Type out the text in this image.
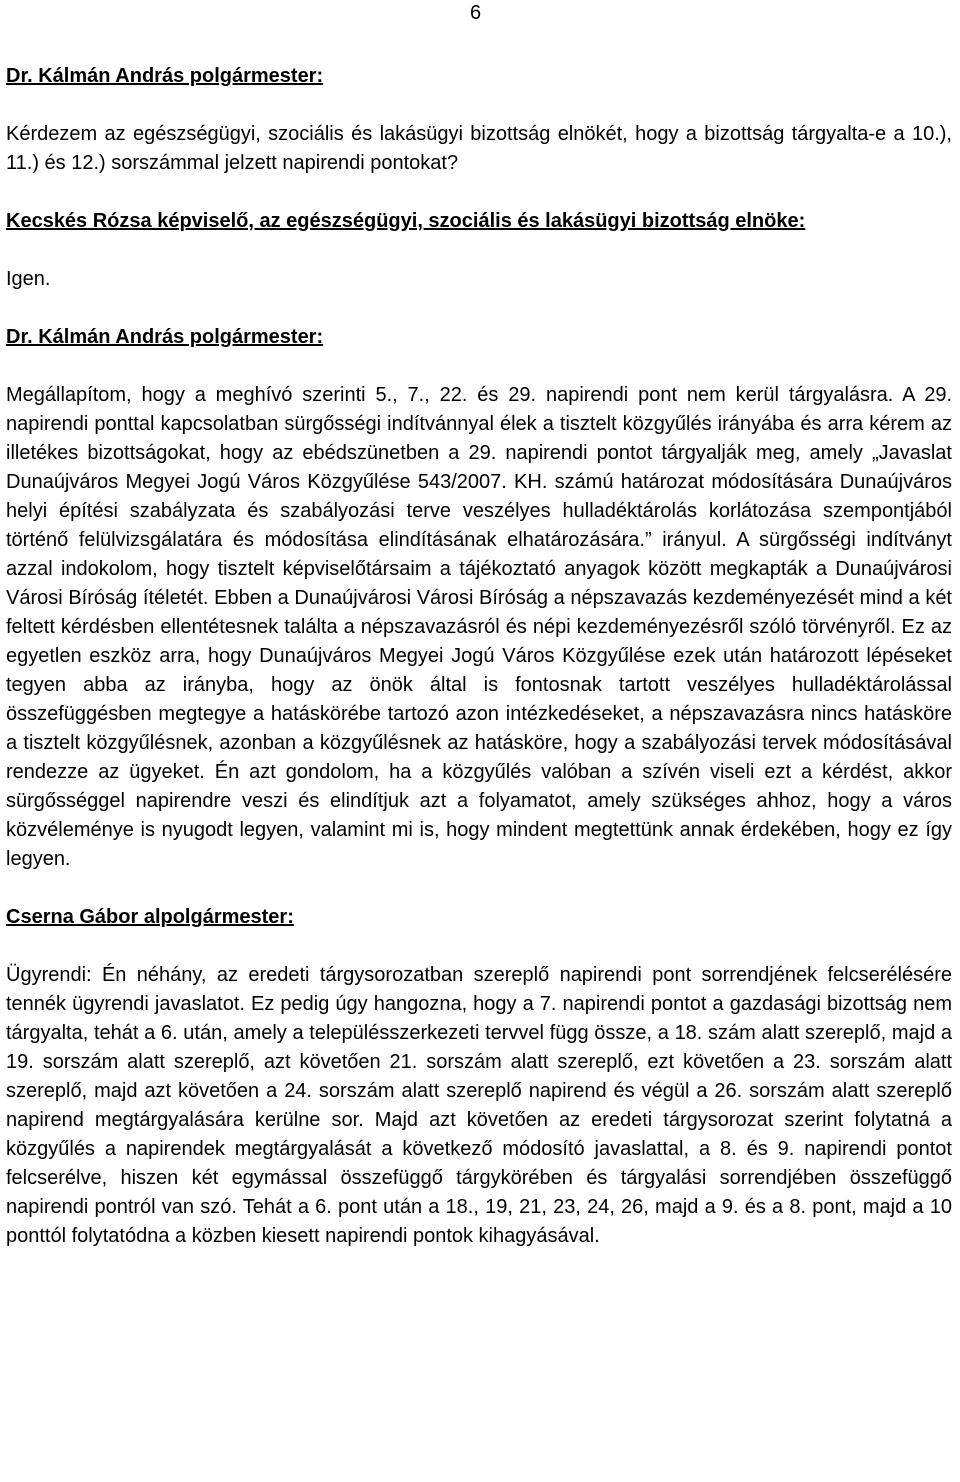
6

Dr. Kálmán András polgármester:

Kérdezem az egészségügyi, szociális és lakásügyi bizottság elnökét, hogy a bizottság tárgyalta-e a 10.), 11.) és 12.) sorszámmal jelzett napirendi pontokat?

Kecskés Rózsa képviselő, az egészségügyi, szociális és lakásügyi bizottság elnöke:

Igen.

Dr. Kálmán András polgármester:

Megállapítom, hogy a meghívó szerinti 5., 7., 22. és 29. napirendi pont nem kerül tárgyalásra. A 29. napirendi ponttal kapcsolatban sürgősségi indítvánnyal élek a tisztelt közgyűlés irányába és arra kérem az illetékes bizottságokat, hogy az ebédszünetben a 29. napirendi pontot tárgyalják meg, amely „Javaslat Dunaújváros Megyei Jogú Város Közgyűlése 543/2007. KH. számú határozat módosítására Dunaújváros helyi építési szabályzata és szabályozási terve veszélyes hulladéktárolás korlátozása szempontjából történő felülvizsgálatára és módosítása elindításának elhatározására.” irányul. A sürgősségi indítványt azzal indokolom, hogy tisztelt képviselőtársaim a tájékoztató anyagok között megkapták a Dunaújvárosi Városi Bíróság ítéletét. Ebben a Dunaújvárosi Városi Bíróság a népszavazás kezdeményezését mind a két feltett kérdésben ellentétesnek találta a népszavazásról és népi kezdeményezésről szóló törvényről. Ez az egyetlen eszköz arra, hogy Dunaújváros Megyei Jogú Város Közgyűlése ezek után határozott lépéseket tegyen abba az irányba, hogy az önök által is fontosnak tartott veszélyes hulladéktárolással összefüggésben megtegye a hatáskörébe tartozó azon intézkedéseket, a népszavazásra nincs hatásköre a tisztelt közgyűlésnek, azonban a közgyűlésnek az hatásköre, hogy a szabályozási tervek módosításával rendezze az ügyeket. Én azt gondolom, ha a közgyűlés valóban a szívén viseli ezt a kérdést, akkor sürgősséggel napirendre veszi és elindítjuk azt a folyamatot, amely szükséges ahhoz, hogy a város közvéleménye is nyugodt legyen, valamint mi is, hogy mindent megtettünk annak érdekében, hogy ez így legyen.

Cserna Gábor alpolgármester:

Ügyrendi: Én néhány, az eredeti tárgysorozatban szereplő napirendi pont sorrendjének felcserélésére tennék ügyrendi javaslatot. Ez pedig úgy hangozna, hogy a 7. napirendi pontot a gazdasági bizottság nem tárgyalta, tehát a 6. után, amely a településszerkezeti tervvel függ össze, a 18. szám alatt szereplő, majd a 19. sorszám alatt szereplő, azt követően 21. sorszám alatt szereplő, ezt követően a 23. sorszám alatt szereplő, majd azt követően a 24. sorszám alatt szereplő napirend és végül a 26. sorszám alatt szereplő napirend megtárgyalására kerülne sor. Majd azt követően az eredeti tárgysorozat szerint folytatná a közgyűlés a napirendek megtárgyalását a következő módosító javaslattal, a 8. és 9. napirendi pontot felcserélve, hiszen két egymással összefüggő tárgykörében és tárgyalási sorrendjében összefüggő napirendi pontról van szó. Tehát a 6. pont után a 18., 19, 21, 23, 24, 26, majd a 9. és a 8. pont, majd a 10 ponttól folytatódna a közben kiesett napirendi pontok kihagyásával.
